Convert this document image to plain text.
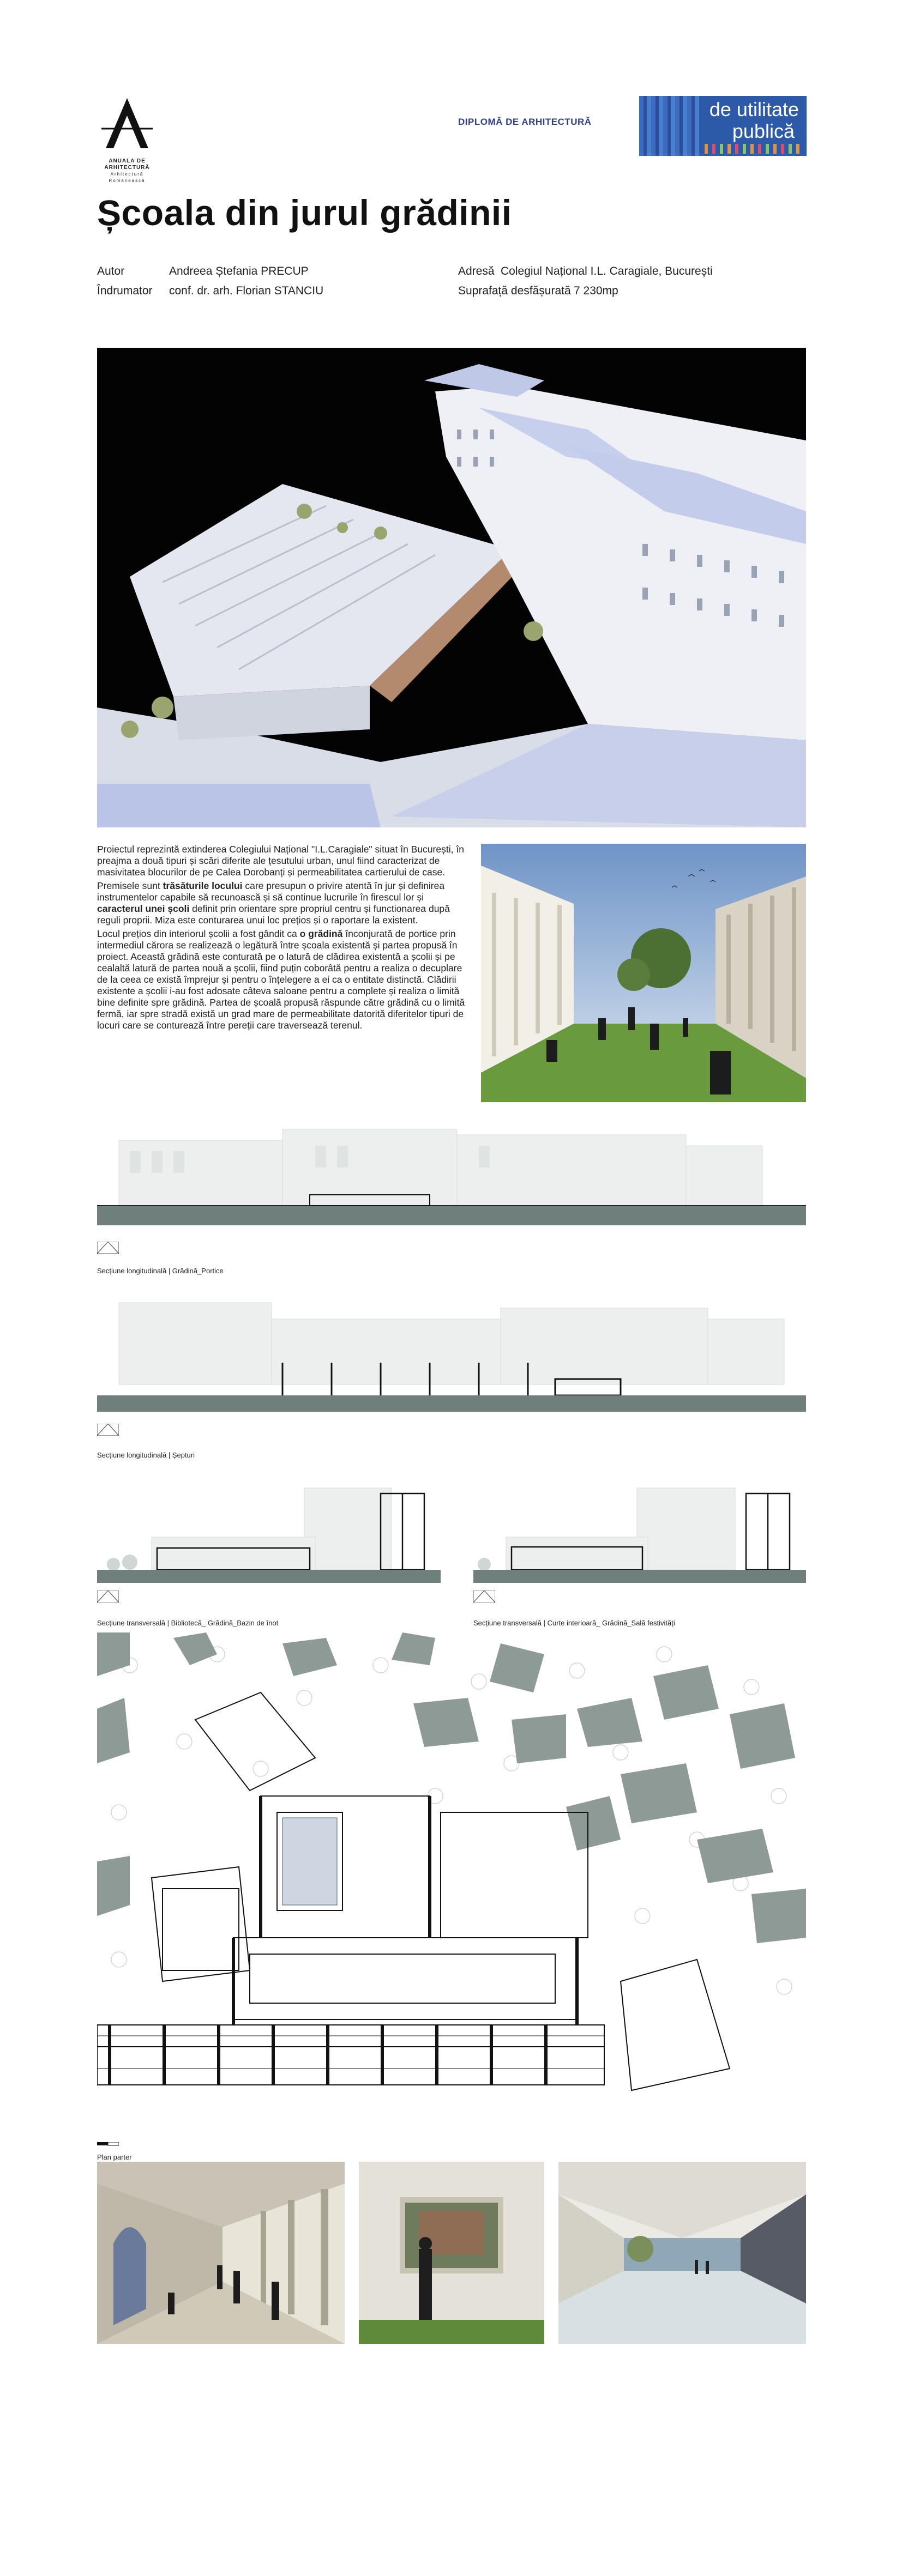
ANUALA DE ARHITECTURĂ
Arhitectură Românească
DIPLOMĂ DE ARHITECTURĂ
de utilitate
publică
Școala din jurul grădinii
Autor	Andreea Ștefania PRECUP
Îndrumator conf. dr. arh. Florian STANCIU
Adresă Colegiul Național I.L. Caragiale, București
Suprafață desfășurată 7 230mp

Proiectul reprezintă extinderea Colegiului Național "I.L.Caragiale" situat în București, în preajma a două tipuri și scări diferite ale țesutului urban, unul fiind caracterizat de masivitatea blocurilor de pe Calea Dorobanți și permeabilitatea cartierului de case.

Premisele sunt trăsăturile locului care presupun o privire atentă în jur și definirea instrumentelor capabile să recunoască și să continue lucrurile în firescul lor și caracterul unei școli definit prin orientare spre propriul centru și functionarea după reguli proprii. Miza este conturarea unui loc prețios și o raportare la existent.

Locul prețios din interiorul școlii a fost gândit ca o grădină înconjurată de portice prin intermediul cărora se realizează o legătură între școala existentă și partea propusă în proiect. Această grădină este conturată pe o latură de clădirea existentă a școlii și pe cealaltă latură de partea nouă a școlii, fiind puțin coborâtă pentru a realiza o decuplare de la ceea ce există împrejur și pentru o înțelegere a ei ca o entitate distinctă. Clădirii existente a școlii i-au fost adosate câteva saloane pentru a complete și realiza o limită bine definite spre grădină. Partea de școală propusă răspunde către grădină cu o limită fermă, iar spre stradă există un grad mare de permeabilitate datorită diferitelor tipuri de locuri care se conturează între pereții care traversează terenul.

Secțiune longitudinală | Grădină_Portice
Secțiune longitudinală | Șepturi
Secțiune transversală | Bibliotecă_ Grădină_Bazin de înot	Secțiune transversală | Curte interioară_ Grădină_Sală festivități
Plan parter
